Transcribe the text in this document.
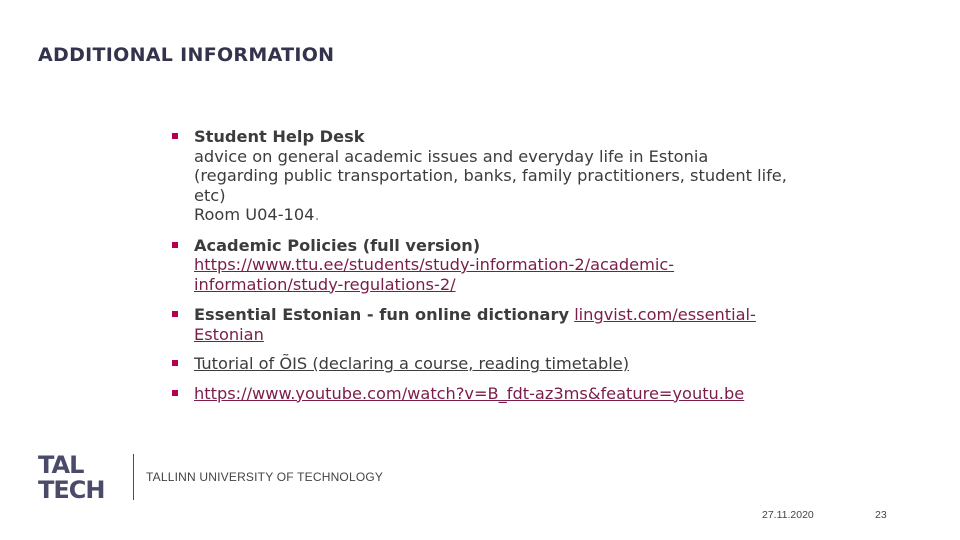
ADDITIONAL INFORMATION
Student Help Desk
advice on general academic issues and everyday life in Estonia
(regarding public transportation, banks, family practitioners, student life,
etc)
Room U04-104.
Academic Policies (full version)
https://www.ttu.ee/students/study-information-2/academic-
information/study-regulations-2/
Essential Estonian - fun online dictionary lingvist.com/essential-
Estonian
Tutorial of ÕIS (declaring a course, reading timetable)
https://www.youtube.com/watch?v=B_fdt-az3ms&feature=youtu.be
TAL
TECH	TALLINN UNIVERSITY OF TECHNOLOGY
27.11.2020	23
